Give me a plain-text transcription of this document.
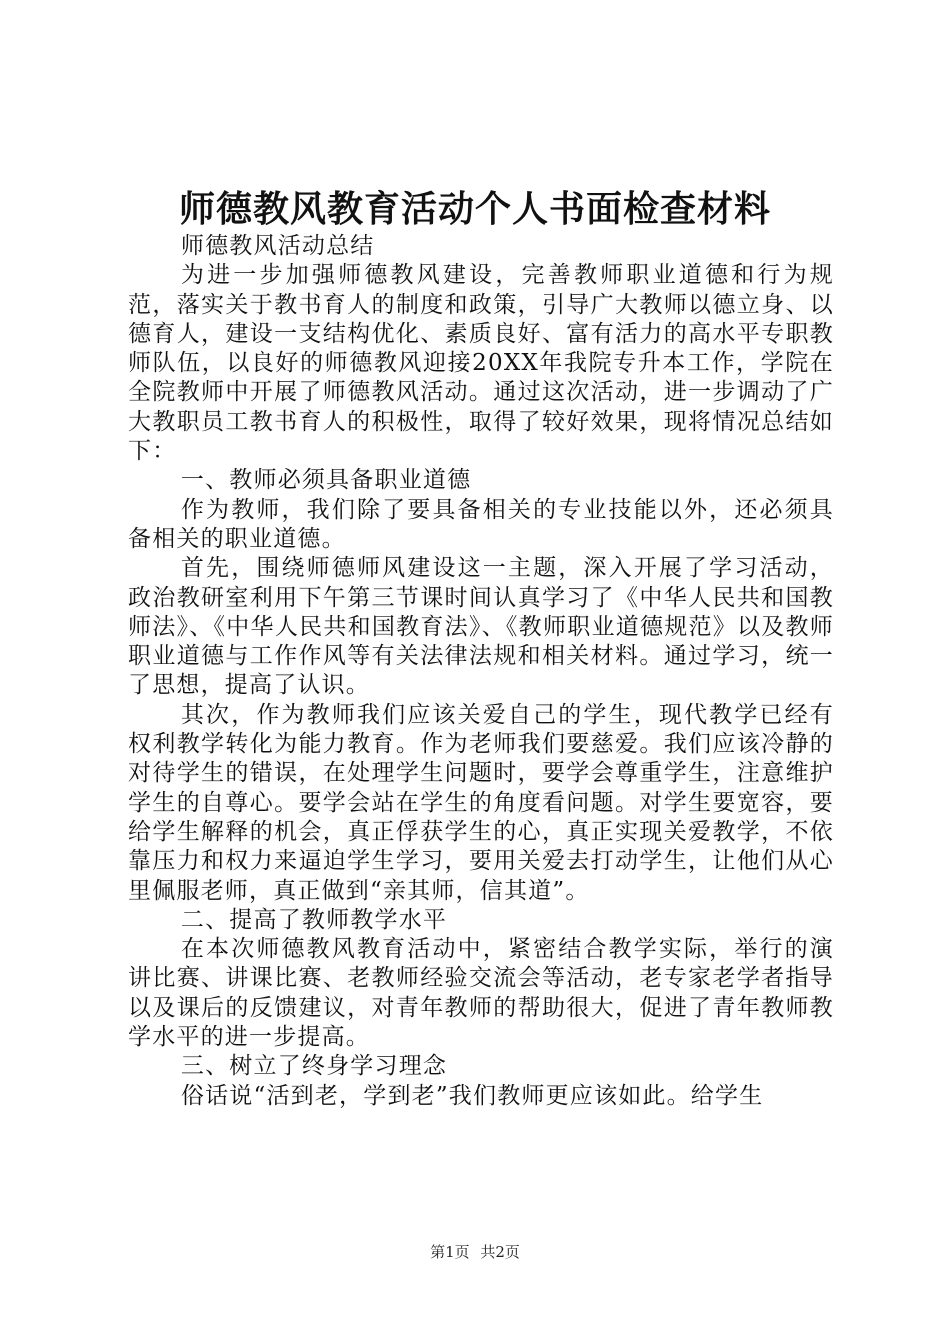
师德教风教育活动个人书面检查材料

师德教风活动总结

为进一步加强师德教风建设，完善教师职业道德和行为规范，落实关于教书育人的制度和政策，引导广大教师以德立身、以德育人，建设一支结构优化、素质良好、富有活力的高水平专职教师队伍，以良好的师德教风迎接20XX年我院专升本工作，学院在全院教师中开展了师德教风活动。通过这次活动，进一步调动了广大教职员工教书育人的积极性，取得了较好效果，现将情况总结如下：

一、教师必须具备职业道德

作为教师，我们除了要具备相关的专业技能以外，还必须具备相关的职业道德。

首先，围绕师德师风建设这一主题，深入开展了学习活动，政治教研室利用下午第三节课时间认真学习了《中华人民共和国教师法》、《中华人民共和国教育法》、《教师职业道德规范》以及教师职业道德与工作作风等有关法律法规和相关材料。通过学习，统一了思想，提高了认识。

其次，作为教师我们应该关爱自己的学生，现代教学已经有权利教学转化为能力教育。作为老师我们要慈爱。我们应该冷静的对待学生的错误，在处理学生问题时，要学会尊重学生，注意维护学生的自尊心。要学会站在学生的角度看问题。对学生要宽容，要给学生解释的机会，真正俘获学生的心，真正实现关爱教学，不依靠压力和权力来逼迫学生学习，要用关爱去打动学生，让他们从心里佩服老师，真正做到“亲其师，信其道”。

二、提高了教师教学水平

在本次师德教风教育活动中，紧密结合教学实际，举行的演讲比赛、讲课比赛、老教师经验交流会等活动，老专家老学者指导以及课后的反馈建议，对青年教师的帮助很大，促进了青年教师教学水平的进一步提高。

三、树立了终身学习理念

俗话说“活到老，学到老”我们教师更应该如此。给学生

第1页 共2页
